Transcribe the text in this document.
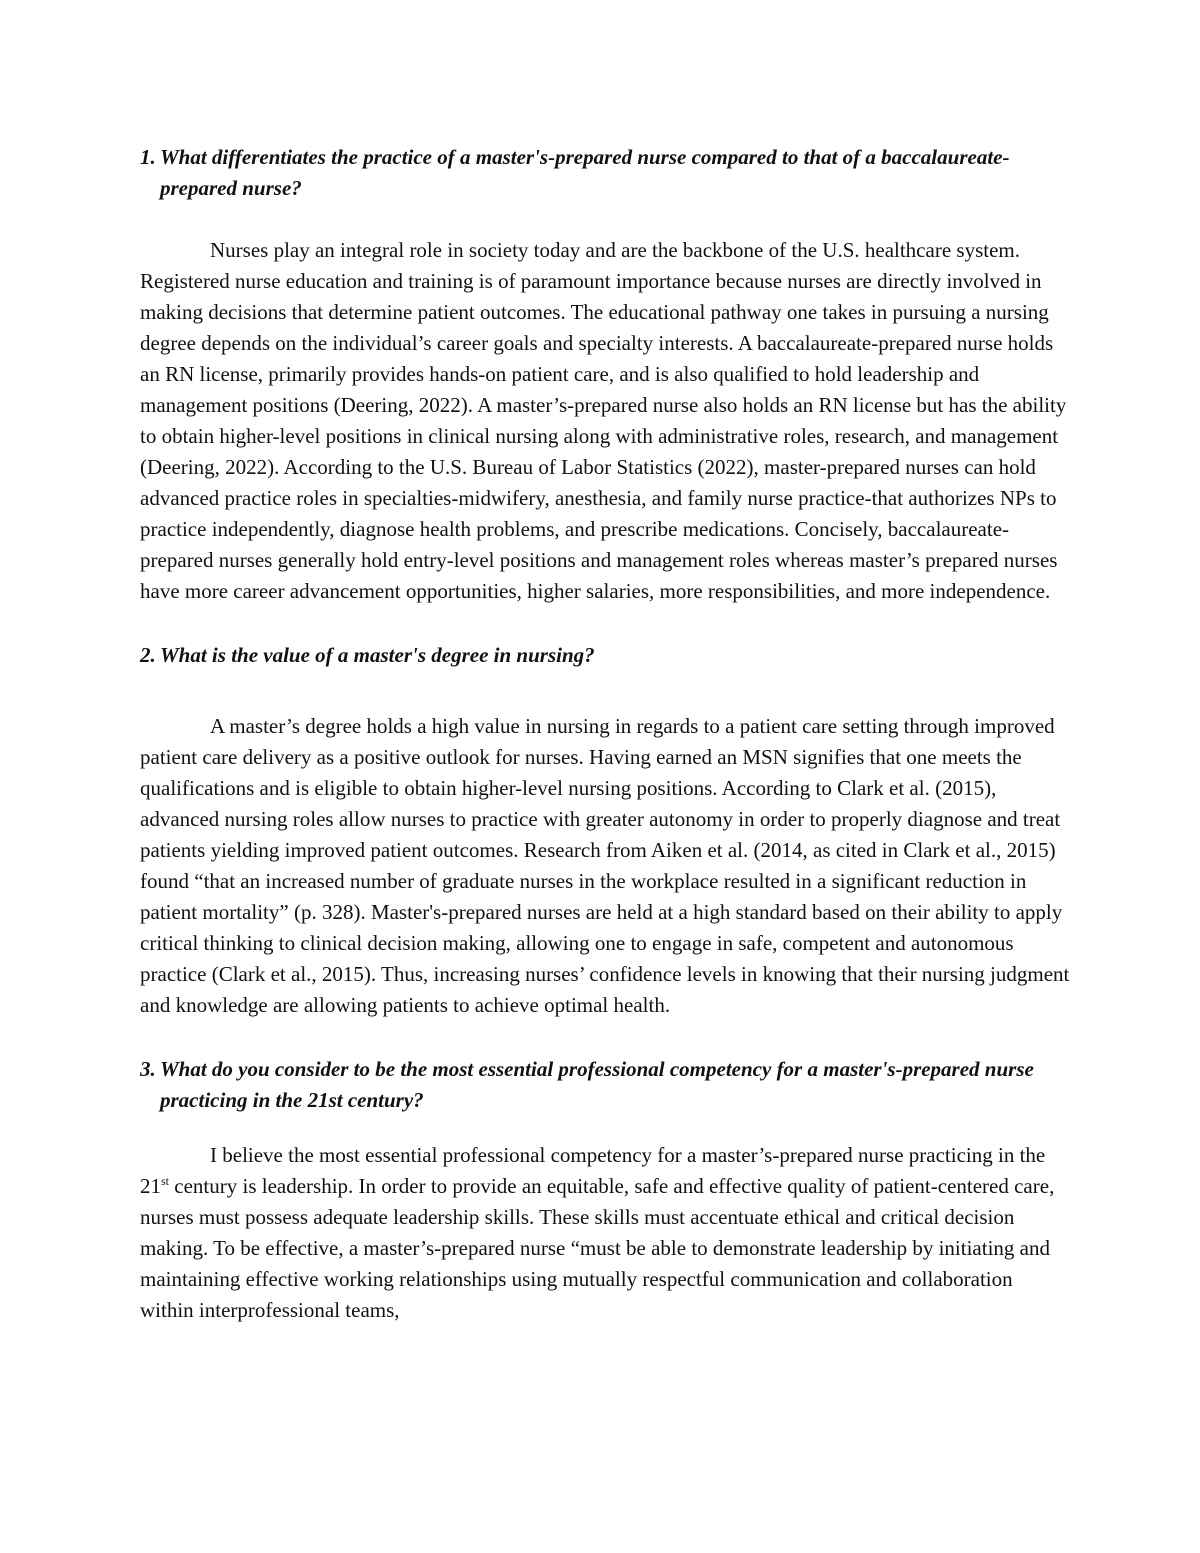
1. What differentiates the practice of a master's-prepared nurse compared to that of a baccalaureate-prepared nurse?

Nurses play an integral role in society today and are the backbone of the U.S. healthcare system. Registered nurse education and training is of paramount importance because nurses are directly involved in making decisions that determine patient outcomes. The educational pathway one takes in pursuing a nursing degree depends on the individual’s career goals and specialty interests. A baccalaureate-prepared nurse holds an RN license, primarily provides hands-on patient care, and is also qualified to hold leadership and management positions (Deering, 2022). A master’s-prepared nurse also holds an RN license but has the ability to obtain higher-level positions in clinical nursing along with administrative roles, research, and management (Deering, 2022). According to the U.S. Bureau of Labor Statistics (2022), master-prepared nurses can hold advanced practice roles in specialties-midwifery, anesthesia, and family nurse practice-that authorizes NPs to practice independently, diagnose health problems, and prescribe medications. Concisely, baccalaureate-prepared nurses generally hold entry-level positions and management roles whereas master’s prepared nurses have more career advancement opportunities, higher salaries, more responsibilities, and more independence.

2. What is the value of a master's degree in nursing?

A master’s degree holds a high value in nursing in regards to a patient care setting through improved patient care delivery as a positive outlook for nurses. Having earned an MSN signifies that one meets the qualifications and is eligible to obtain higher-level nursing positions. According to Clark et al. (2015), advanced nursing roles allow nurses to practice with greater autonomy in order to properly diagnose and treat patients yielding improved patient outcomes. Research from Aiken et al. (2014, as cited in Clark et al., 2015) found “that an increased number of graduate nurses in the workplace resulted in a significant reduction in patient mortality” (p. 328). Master's-prepared nurses are held at a high standard based on their ability to apply critical thinking to clinical decision making, allowing one to engage in safe, competent and autonomous practice (Clark et al., 2015). Thus, increasing nurses’ confidence levels in knowing that their nursing judgment and knowledge are allowing patients to achieve optimal health.

3. What do you consider to be the most essential professional competency for a master's-prepared nurse practicing in the 21st century?

I believe the most essential professional competency for a master’s-prepared nurse practicing in the 21st century is leadership. In order to provide an equitable, safe and effective quality of patient-centered care, nurses must possess adequate leadership skills. These skills must accentuate ethical and critical decision making. To be effective, a master’s-prepared nurse “must be able to demonstrate leadership by initiating and maintaining effective working relationships using mutually respectful communication and collaboration within interprofessional teams,
